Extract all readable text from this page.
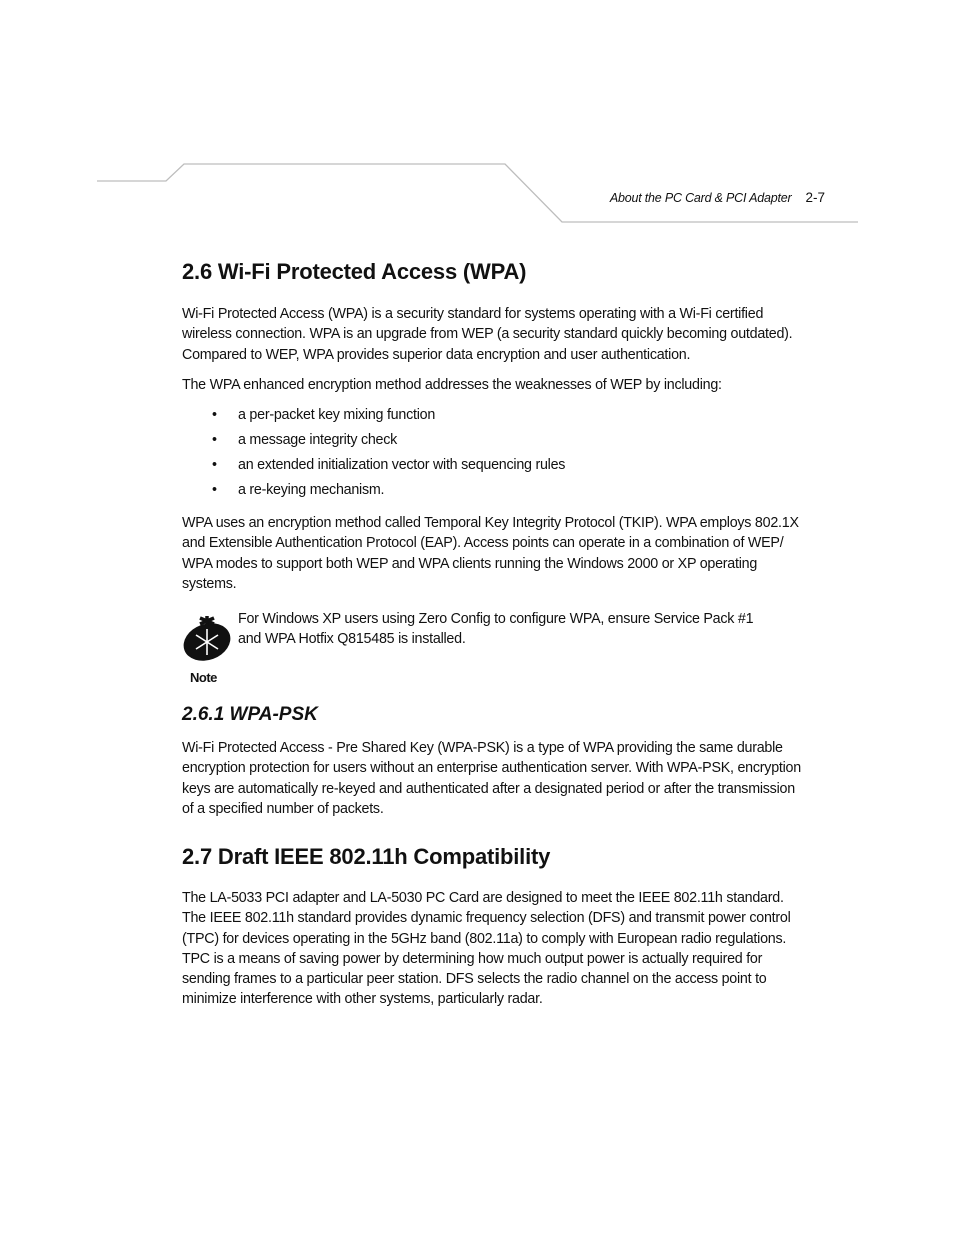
About the PC Card & PCI Adapter 2-7
2.6 Wi-Fi Protected Access (WPA)

Wi-Fi Protected Access (WPA) is a security standard for systems operating with a Wi-Fi certified wireless connection. WPA is an upgrade from WEP (a security standard quickly becoming outdated). Compared to WEP, WPA provides superior data encryption and user authentication.

The WPA enhanced encryption method addresses the weaknesses of WEP by including:

• a per-packet key mixing function
• a message integrity check
• an extended initialization vector with sequencing rules
• a re-keying mechanism.

WPA uses an encryption method called Temporal Key Integrity Protocol (TKIP). WPA employs 802.1X and Extensible Authentication Protocol (EAP). Access points can operate in a combination of WEP/ WPA modes to support both WEP and WPA clients running the Windows 2000 or XP operating systems.

Note

For Windows XP users using Zero Config to configure WPA, ensure Service Pack #1 and WPA Hotfix Q815485 is installed.

2.6.1 WPA-PSK

Wi-Fi Protected Access - Pre Shared Key (WPA-PSK) is a type of WPA providing the same durable encryption protection for users without an enterprise authentication server. With WPA-PSK, encryption keys are automatically re-keyed and authenticated after a designated period or after the transmission of a specified number of packets.

2.7 Draft IEEE 802.11h Compatibility

The LA-5033 PCI adapter and LA-5030 PC Card are designed to meet the IEEE 802.11h standard. The IEEE 802.11h standard provides dynamic frequency selection (DFS) and transmit power control (TPC) for devices operating in the 5GHz band (802.11a) to comply with European radio regulations. TPC is a means of saving power by determining how much output power is actually required for sending frames to a particular peer station. DFS selects the radio channel on the access point to minimize interference with other systems, particularly radar.
